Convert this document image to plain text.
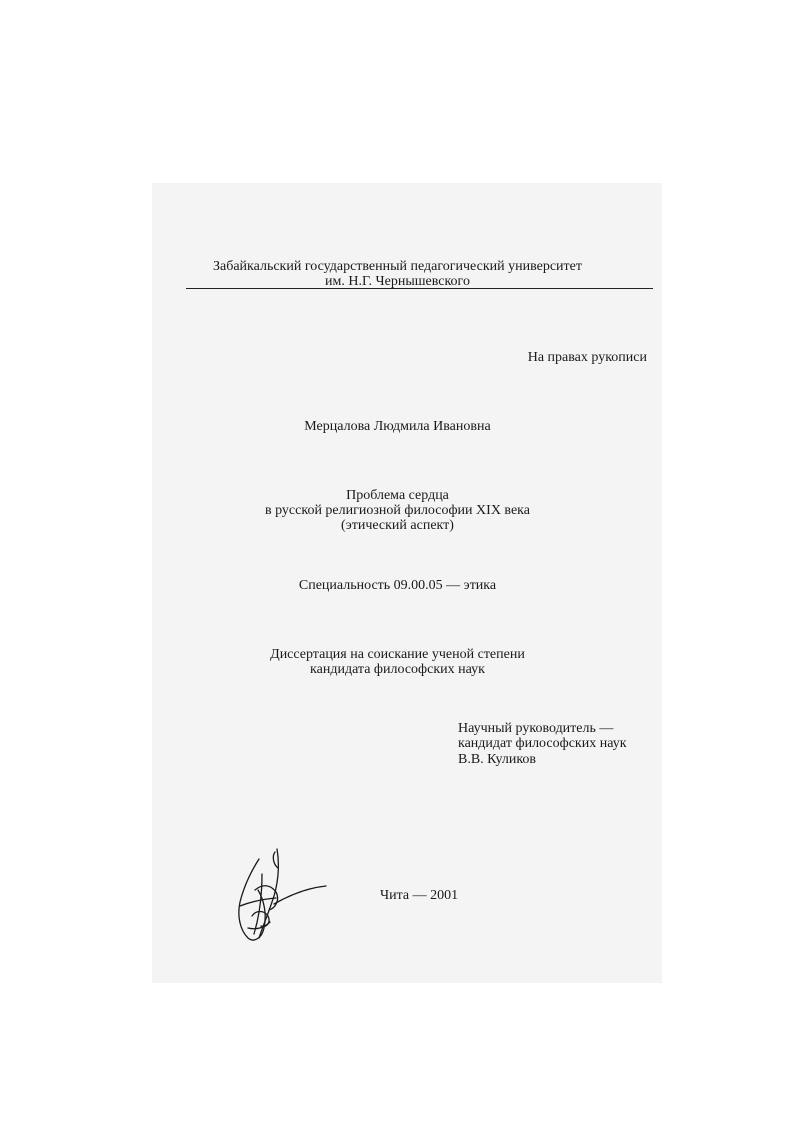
Забайкальский государственный педагогический университет
им. Н.Г. Чернышевского
На правах рукописи
Мерцалова Людмила Ивановна
Проблема сердца
в русской религиозной философии XIX века
(этический аспект)
Специальность 09.00.05 — этика
Диссертация на соискание ученой степени
кандидата философских наук
Научный руководитель —
кандидат философских наук
В.В. Куликов
Чита — 2001
